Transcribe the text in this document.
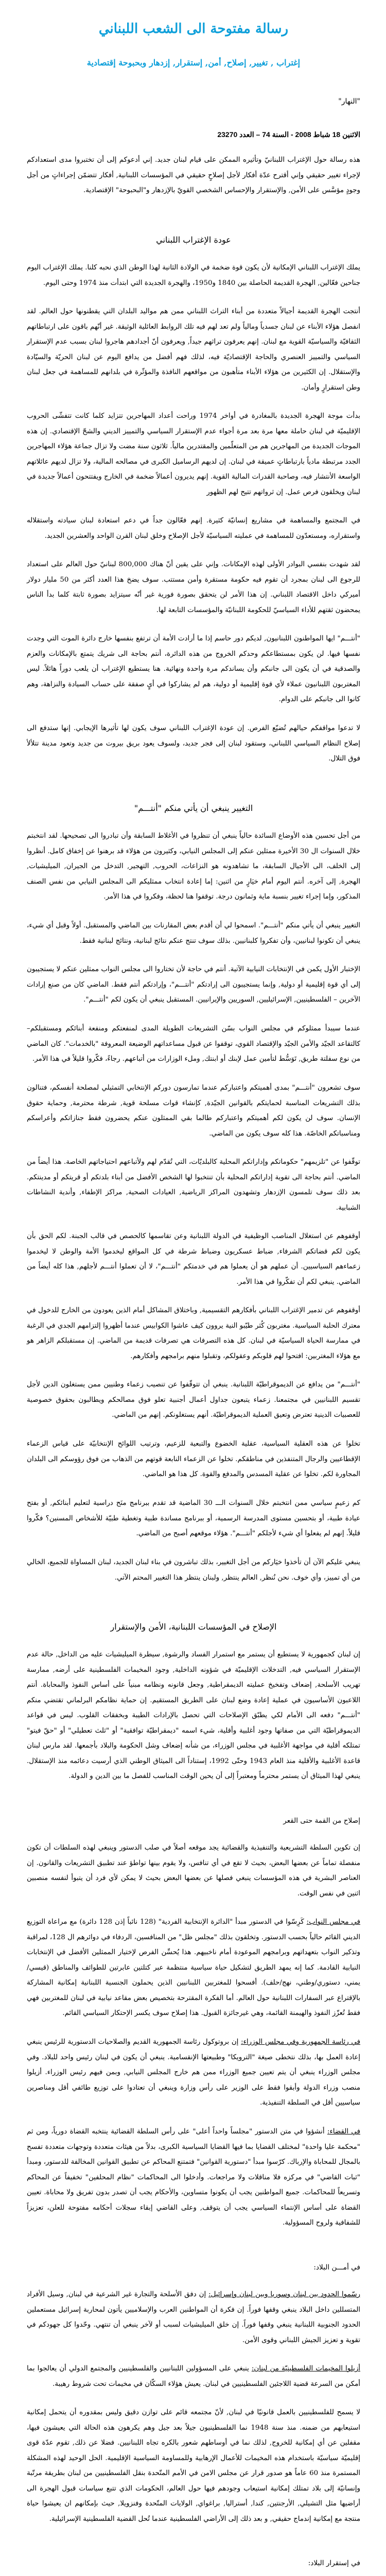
رسالة مفتوحة الى الشعب اللبناني
إغتراب , تغيير, إصلاح, أمن, إستقرار, إزدهار وبحبوحة إقتصادية
"النهار"
الاثنين 18 شباط 2008 - السنة 74 – العدد 23270
هذه رسالة حول الإغتراب اللبنانيّ وتأثيره الممكن على قيام لبنان جديد. إني أدعوكم إلى أن تختبروا مدى استعدادكم لإجراء تغيير حقيقي وإني أقترح عدّة أفكار لأجل إصلاحٍ حقيقي في المؤسسات اللبنانية, أفكار تتضمّن إجراءاتٍ من أجل وجودٍ مؤسَّس على الأمن, والإستقرار والإحساس الشخصي القويّ بالإزدهار و"البحبوحة" الإقتصادية.
عودة الإغتراب اللبناني
يملك الإغتراب اللبناني الإمكانية لأن يكون قوة ضخمة في الولادة الثانية لهذا الوطن الذي نحبه كلنا. يملك الإغتراب اليوم جناحين فعّالين, الهجرة القديمة الحاصلة بين 1840 و1950، والهجرة الجديدة التي ابتدأت منذ 1974 وحتى اليوم.
أنتجت الهجرة القديمة أجيالاً متعددة من أبناء التراث اللبناني ممن هم مواليد البلدان التي يقطنونها حول العالم. لقد انفصل هؤلاء الأبناء عن لبنان جسدياً ومالياً ولم تعد لهم فيه تلك الروابط العائلية الوثيقة. غير أنّهم باقون على ارتباطاتهم الثقافيّة والسياسيّة القوية مع لبنان. إنهم يعرفون تراثهم جيداً, ويعرفون أنّ أجدادهم هاجروا لبنان بسبب عدم الإستقرار السياسي والتمييز العنصري والحاجة الإقتصاديّة فيه، لذلك فهم أفضل من يدافع اليوم عن لبنان الحريّة والسيّادة والإستقلال. إن الكثيرين من هؤلاء الأبناء متأهبون من مواقعهم النافذة والمؤثّرة في بلدانهم للمساهمة في جعل لبنان وطن استقرارٍ وأمان.
بدأت موجة الهجرة الجديدة بالمغادرة في أواخر 1974 وراحت أعداد المهاجرين تتزايد كلما كانت تتفشّى الحروب الإقليميّة في لبنان حاملة معها مرة بعد مرة أجواء عدم الإستقرار السياسي والتمييز الديني والشحّ الإقتصادي. إن هذه الموجات الجديدة من المهاجرين هم من المتعلّمين والمقتدرين مالياً. ثلاثون سنة مضت ولا تزال جماعة هؤلاء المهاجرين الجدد مرتبطة مادياً بارتباطاتٍ عميقة في لبنان. إن لديهم الرساميل الكبرى في مصالحه المالية، ولا تزال لديهم عائلاتهم الواسعة الأنتشار فيه، وصاحبة القدرات المالية القوية. إنهم يديرون أعمالاً ضخمة في الخارج ويفتتحون أعمالاً جديدة في لبنان ويخلقون فرص عمل. إن ثرواتهم تتيح لهم الظهور
في المجتمع والمساهمة في مشاريع إنسانيّة كثيرة. إنهم فعّالون جداً في دعم استعادة لبنان سيادته واستقلاله واستقراره، ومستعدّون للمساهمة في عمليته السياسيّة لأجل الإصلاح وخلق لبنان القرن الواحد والعشرين الجديد.
لقد شهدت بنفسي البوادر الأولى لهذه الإمكانات. وإني على يقين أنّ هناك 800,000 لبنانيّ حول العالم على استعداد للرجوع الى لبنان بمجرد أن تقوم فيه حكومة مستقرة وأمن مستتب. سوف يضخ هذا العدد أكثر من 50 مليار دولار أميركي داخل الاقتصاد اللبناني. إن هذا الأمر لن يتحقق بصورة فورية غير أنّه سيتزايد بصورة ثابتة كلما بدأ الناس يمحضون ثقتهم للأداء السياسيّ للحكومة اللبنانيّة والمؤسسات التابعة لها.
"أنتـــم" ايها المواطنون اللبنانيون, لديكم دور حاسم إذا ما أرادت الأمة أن ترتفع بنفسها خارج دائرة الموت التي وجدت نفسها فيها. لن يكون بمستطاعكم وحدكم الخروج من هذه الدائرة، أنتم بحاجة الى شريك يتمتع بالإمكانات والعزم والصدقية في أن يكون الى جانبكم وأن يساندكم مرة واحدة ونهائية. هنا يستطيع الإغتراب أن يلعب دوراً هائلاً. ليس المغتربون اللبنانيون عملاء لأي قوة إقليمية أو دولية، هم لم يشاركوا في أيٍ صفقة على حساب السيادة والنزاهة، وهم كانوا الى جانبكم على الدوام.
لا تدعوا مواقفكم حيالهم تُضيّع الفرص. إن عودة الإغتراب اللبناني سوف يكون لها تأثيرها الإيجابي. إنها ستدفع الى إصلاح النظام السياسي اللبناني، وستقود لبنان إلى فجر جديد، ولسوف يعود بريق بيروت من جديد وتعود مدينة تتلألأ فوق التلال.
التغيير ينبغي أن يأتي منكم "أنتـــم"
من أجل تحسين هذه الأوضاع السائدة حالياً ينبغي أن تنظروا في الأغلاط السابقة وأن تبادروا الى تصحيحها. لقد انتخبتم خلال السنوات ال 30 الأخيرة ممثلين عنكم إلى المجلس النيابي، وكثيرون من هؤلاء قد برهنوا عن إخفاق كامل. أنظروا إلى الخلف، الى الأجيال السابقة، ما تشاهدونه هو النزاعات، الحروب, التهجير, التدخل من الجيران, الميليشيات, الهجرة, إلى آخره. أنتم اليوم أمام خيَارٍ من اثنين: إما إعادة انتخاب ممثليكم الى المجلس النيابي من نفس الصنف المذكور، وإما إجراء تغيير بنسبة ماية وثمانون درجة. توقفوا هنا لحظة، وفكروا في هذا الأمر.
التغيير ينبغي أن يأتي منكم "أنتـــم". اسمحوا لي أن أقدم بعض المقارنات بين الماضي والمستقبل. أولاً وقبل أي شيء، ينبغي أن تكونوا لبنانيين، وأن تفكروا كلبنانيين. بذلك سوف تنتج عنكم نتائج لبنانية، ونتائج لبنانية فقط.
الإختبار الأول يكمن في الإنتخابات النيابية الآتية. أنتم في حاجة لأن تختاروا الى مجلس النواب ممثلين عنكم لا يستجيبون إلى أي قوة إقليمية أو دولية, وإنما يستجيبون الى إرادتكم "أنتـــم"، وإرادتكم أنتم فقط. الماضي كان من صنع إرادات الآخرين – الفلسطينيين, الإسرائيليين, السوريين والإيرانيين. المستقبل ينبغي أن يكون لكم "أنتـــم".
عندما سيبدأ ممثلوكم في مجلس النواب بسّن التشريعات الطويلة المدى لمنفعتكم ومنفعة أبنائكم ومستقبلكم– كالتقاعد الجيّد والأمن الجيّد والإقتصاد القوي، توقفوا عن قبول مساعداتهم الوضيعة المعروفة "بالخدمات". كان الماضي من نوع سفلتة طريق, تَوَسُّط لتأمين عمل لإبنك أو ابنتك, وملء الوزارات من أتباعهم. رجاءً، فكّروا قليلاً في هذا الأمر.
سوف تشعرون "أنتـــم" بمدى أهميتكم واعتباركم عندما تمارسون دوركم الإنتخابي التمثيلي لمصلحة أنفسكم، فتنالون بذلك التشريعات المناسبة لحمايتكم بالقوانين الجيّدة, كإنشاء قوات مسلحة قوية, شرطة محترمة, وحماية حقوق الإنسان. سوف لن يكون لكم أهميتكم واعتباركم طالما بقي الممثلون عنكم يحضرون فقط جنازاتكم وأعراسكم ومناسباتكم الخاصّة. هذا كله سوف يكون من الماضي.
توقّفوا عن "تلزيمهم" حكوماتكم وإداراتكم المحلية كالبلديّات، التي تُقدّم لهم ولأتباعهم احتياجاتهم الخاصة. هذا أيضاً من الماضي. أنتم بحاجة الى تقوية إداراتكم المحلية بأن تنتخبوا لها الشخص الأفضل من أبناء بلدتكم أو قريتكم أو مدينتكم. بعد ذلك سوف تلمسون الإزدهار وتشهدون المراكز الرياضية, العيادات الصحية, مراكز الإطفاء, وأندية النشاطات الشبابية.
أوقفوهم عن استغلال المناصب الوظيفية في الدولة اللبنانية وعن تقاسمها كالحصص في قالب الجبنة. لكم الحق بأن يكون لكم قضاتكم الشرفاء, ضباط عسكريون وضباط شرطة في كل المواقع ليخدموا الأمة والوطن لا ليخدموا زعماءهم السياسيين. أن عملهم هو أن يعملوا هم في خدمتكم "أنتـــم"، لا أن تعملوا أنتـــم لأجلهم, هذا كله أيضاً من الماضي. ينبغي لكم أن تفكّروا في هذا الأمر.
أوقفوهم عن تدمير الإغتراب اللبناني بأفكارهم التقسيمية, وباختلاق المشاكل أمام الذين يعودون من الخارج للدخول في معترك الحلبة السياسية. مغتربون كُثر طيّبو النية يروون كيف عاشوا الكوابيس عندما أظهروا إلتزامهم الجدي في الرغبة في ممارسة الحياة السياسيّة في لبنان. كل هذه التصرفات هي تصرفات قديمة من الماضي. إن مستقبلكم الزاهر هو مع هؤلاء المغتربين: افتحوا لهم قلوبكم وعقولكم، وتقبلوا منهم برامجهم وأفكارهم.
"أنتـــم" من يدافع عن الديموقراطيّة اللبنانية. ينبغي أن تتوقّفوا عن تنصيب زعماء وطنيين ممن يستغلون الدين لأجل تقسيم اللبنانيين في مجتمعنا. زعماء يتبعون جداول أعمال أجنبية تعلو فوق مصالحكم ويطالبون بحقوق خصوصية للعصبيات الدينية تعترض وتعيق العملية الديموقراطيّة. أنهم يستغلونكم. إنهم من الماضي.
تخلوا عن هذه العقلية السياسية، عقلية الخضوع والتبعية للزعيم، وترتيب اللوائح الإنتخابيّة على قياس الزعماء الإقطاعيين والرجال المتنفذين في مناطقكم. تخلوا عن الزعماء النابعة قوتهم من الذهاب من فوق رؤوسكم الى البلدان المجاورة لكم. تخلوا عن عقلية المسدس والمدفع والقوة. كل هذا هو الماضي.
كم زعيمٍ سياسي ممن انتخبتم خلال السنوات الـــ 30 الماضية قد تقدم ببرنامج منَح دراسية لتعليم أبنائكم, أو بفتح عيادة طبية، أو بتحسين مستوى المدرسة الرسمية، أو ببرنامج مساندة طبية وتغطية طبيّة للأشخاص المسنين؟ فكّروا قليلاً. إنهم لم يفعلوا أي شيء لأجلكم "أنتـــم". هؤلاء موقعهم أصبح من الماضي.
ينبغي عليكم الآن أن تأخذوا خيَاركم من أجل التغيير، بذلك تباشرون في بناء لبنان الجديد، لبنان المساواة للجميع، الخالي من أي تمييز، وأي خوف. نحن نُنظر, العالم ينتظر, ولبنان ينتظر هذا التغيير المحتم الآتي.
الإصلاح في المؤسسات اللبنانية، الأمن والإستقرار
إن لبنان كجمهورية لا يستطيع أن يستمر مع استمرار الفساد والرشوة, سيطرة الميليشيات عليه من الداخل, حالة عدم الإستقرار السياسي فيه, التدخلات الإقليميّة في شؤونه الداخلية, وجود المخيمات الفلسطينية على أرضه, ممارسة تهريب الأسلحة, إضعاف وتفخيخ عمليته الديمقراطية, وجعل قانونه ونظامه مبنياً على أساس النفوذ والمحاباة. أنتم اللاعبون الأساسيون في عملية إعادة وضع لبنان على الطريق المستقيم. إن حماية نظامكم البرلماني تقتضي منكم "أنتـــم" دفعه الى الأمام لكي يطبّق الإصلاحات التي تحصل بالإرادات الطيبة وبخفقات القلوب. ليس في قواعد الديموقراطيّة التي من صفاتها وجود أغلبية وأقلية، شيء اسمه "ديمقراطيّة توافقية" أو "ثلث تعطيلي" أو "حقّ فيتو" تمتلكه أقلية في مواجهة الأغلبية في مجلس الوزراء، من شأنه إضعاف وشل الحكومة والبلاد بأجمعها. لقد مارس لبنان قاعدة الأغلبية والأقلية منذ العام 1943 وحتّى 1992، إستناداً الى الميثاق الوطني الذي أرسيت دعائمه منذ الإستقلال. ينبغي لهذا الميثاق أن يستمر محترماً ومعتبراً إلى أن يحين الوقت المناسب للفصل ما بين الدين و الدولة.
إصلاح من القمة حتى القعر
إن تكوين السلطة التشريعية والتنفيذية والقضائية يجد موقعه أصلاً في صلب الدستور وينبغي لهذه السلطات أن تكون منفصلة تماماً عن بعضها البعض، بحيث لا تقع في أي تنافس، ولا يقوم بينها تواطؤ عند تطبيق التشريعات والقانون. إن العناصر البشرية في هذه المؤسسات ينبغي فصلها عن بعضها البعض بحيث لا يمكن لأي فرد أن يتبوأ لنفسه منصبين اثنين في نفس الوقت.
في مجلس النواب: كَرِسّوا في الدستور مبدأ "الدائرة الإنتخابية الفردية" (128 نائباً إذن 128 دائرة) مع مراعاة التوزيع الديني القائم حالياً بحسب الدستور. وتخلقون بذلك "مجلس ظل" من المنافسين، الردفاء في دوائرهم ال 128، لمراقبة وتذكير النواب بتعهداتهم وبرامجهم الموعودة أمام ناخبيهم. هذا يُحسِّن الفرص لإختيار الممثلين الأفضل في الإنتخابات النيابية القادمة. كما إنه يمهد الطريق لتشكيل حياة سياسية منتظمة عبر كتلتين عابرتين للطوائف والمناطق (قيسي/يمني، دستوري/وطني، نهج/حلف). أفسحوا للمغتربين اللبنانيين الذين يحملون الجنسية اللبنانية إمكانية المشاركة بالإقتراع عبر السفارات اللبنانية حول العالم. أما الفكرة المقترحة بتخصيص بعض مقاعد نيابية في لبنان للمغتربين فهي فقط تُعزّز النفوذ والهيمنة القائمة، وهي غيرجائزة القبول. هذا إصلاح سوف يكسر الإحتكار السياسي القائم.
في رئاسة الجمهورية وفي مجلس الوزراء: إن بروتوكول رئاسة الجمهورية القديم والصلاحيات الدستورية للرئيس ينبغي إعادة العمل بها، بذلك نتخطى صيغة "الترويكا" وطبيعتها الإنقسامية. ينبغي أن يكون في لبنان رئيس واحد للبلاد. وفي مجلس الوزراء ينبغي أن يتم تعيين جميع الوزراء ممن هم خارج المجلس النيابي, وبمن فيهم رئيس الوزراء. أزيلوا منصب وزراء الدولة وأبقوا فقط على الوزير على رأس وزارة وينبغي أن تعتادوا على توزيع طائفي أقل ومناصرين سياسيين أقل في السلطة التنفيذية.
في القضاء: أنشؤوا في متن الدستور "مجلساً واحداً أعلى" على رأس السلطة القضائية ينتخبه القضاة دورياً، ومن ثم "محكمة عليا واحدة" لمختلف القضايا بما فيها القضايا السياسية الكبرى، بدلاً من هيئات متعددة وتوجهات متعددة تفسح بالمجال للمحاباة والإرباك. كرّسوا مبدأ "دستورية القوانين" فتمتنع المحاكم عن تطبيق القوانين المخالفة للدستور، ومبدأ "ثبات القاضي" في مركزه فلا مناقلات ولا مراجعات. وأدخلوا الى المحاكمات "نظام المحلفين" تخفيفاً عن المحاكم وتسريعاً للمحاكمات. جميع المواطنين يجب أن يكونوا متساوين، والأحكام يجب أن تصدر بدون تفريق ولا محاباة. تعيين القضاة على أساس الإنتماء السياسي يجب أن يتوقف, وعلى القاضي إبقاء سجلات أحكامه مفتوحة للعلن، تعزيزاً للشفافية ولروح المسؤولية.
في أمـــن البلاد:
رسّموا الحدود بين لبنان وسوريا وبين لبنان وإسرائيل: إن دفق الأسلحة والتجارة غير الشرعية في لبنان, وسيل الأفراد المتسللين داخل البلاد ينبغي وقفها فوراً. إن فكرة أن المواطنين العرب والإسلاميين يأتون لمحاربة إسرائيل مستعملين الحدود الجنوبية اللبنانية ينبغي وقفها فوراً. إن خلق الميليشيات لسبب أو لآخر ينبغي أن تنتهي. وحّدوا كل جهودكم في تقوية و تعزيز الجيش اللبناني وقوى الأمن.
أزيلوا المخيمات الفلسطينيّة من لبنان: ينبغي على المسؤولين اللبنانيين والفلسطينيين والمجتمع الدولي أن يعالجوا بما أمكن من السرعة قضية اللاجئين الفلسطينيين في لبنان. يعيش هؤلاء السكّان في مخيمات تحت شروط رهيبة.
لا يسمح للفلسطينيين بالعمل قانونيّا في لبنان, لأنّ مجتمعه قائم على توازن دقيق وليس بمقدوره أن يتحمل إمكانية استيعابهم من ضمنه. منذ سنة 1948 نما الفلسطينيون جيلاً بعد جيل وهم يكرهون هذه الحالة التي يعيشون فيها، مقفلين عن أي إمكانية للخروج, لذلك نما في أوساطهم شعور بالكره تجاه اللبنانيين. فضلا عن ذلك, تقوم عدّة قوى إقليميّة سياسيّة باستخدام هذه المخيمات للأعمال الإرهابية وللمساومة السياسية الإقليمية. الحل الوحيد لهذه المشكلة المستمرة منذ 60 عاماً هو صدور قرار عن مجلس الامن في الأمم المتّحدة بنقل الفلسطينيين من لبنان بطريقة مرتّبة وإنسانيّة إلى بلاد تمتلك إمكانية استيعاب وجودهم فيها حول العالم، الحكومات الذي تتبع سياسات قبول الهجرة الى أراضيها مثل التشيلي, الأرجنتين, كندا, أستراليا, براغواي, الولايات المتّحدة وفنزويلا, حيث بإمكانهم ان يعيشوا حياة منتجة مع إمكانية إندماج حقيقي, و بعد ذلك إلى الأراضي الفلسطينية عندما تُحل القضية الفلسطينية الإسرائيلية.
في إستقرار البلاد:
